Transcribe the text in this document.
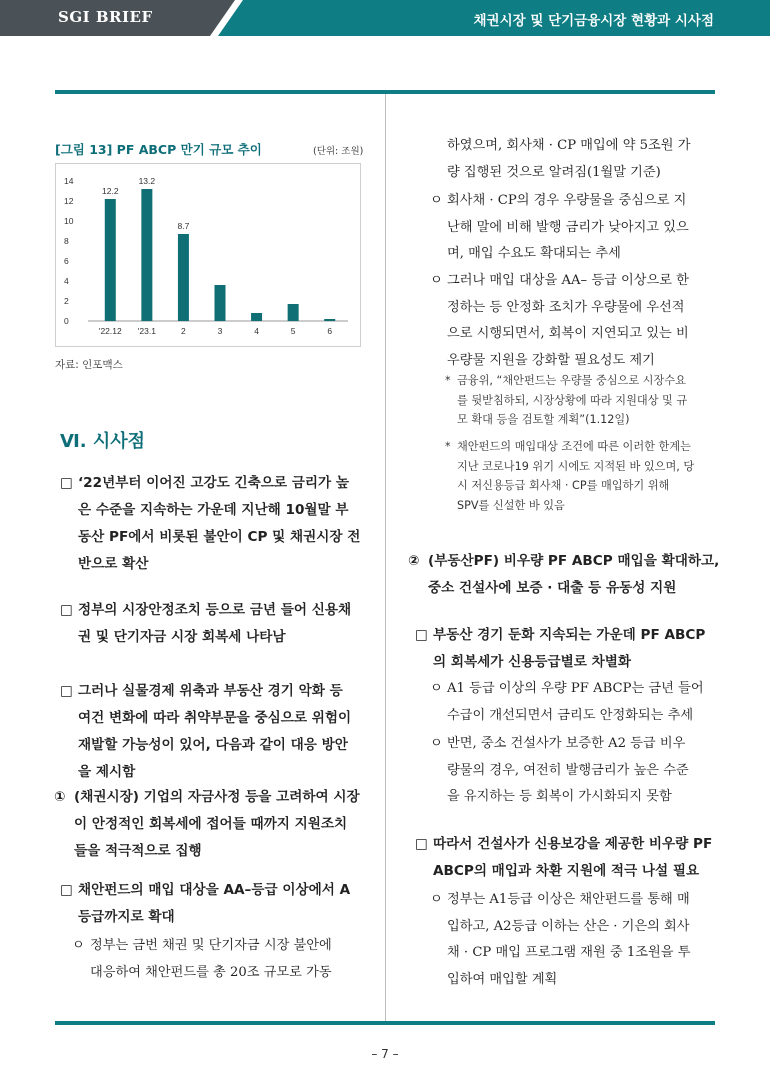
SGI BRIEF	채권시장 및 단기금융시장 현황과 시사점
[그림 13] PF ABCP 만기 규모 추이	(단위: 조원)
0
2
4
6
8
10
12
14
12.2
'22.12
13.2
'23.1
8.7
2	3	4	5	6
자료: 인포맥스
Ⅵ. 시사점
□ ‘22년부터 이어진 고강도 긴축으로 금리가 높
은 수준을 지속하는 가운데 지난해 10월말 부
동산 PF에서 비롯된 불안이 CP 및 채권시장 전
반으로 확산
□ 정부의 시장안정조치 등으로 금년 들어 신용채
권 및 단기자금 시장 회복세 나타남
□ 그러나 실물경제 위축과 부동산 경기 악화 등
여건 변화에 따라 취약부문을 중심으로 위험이
재발할 가능성이 있어, 다음과 같이 대응 방안
을 제시함
① (채권시장) 기업의 자금사정 등을 고려하여 시장
이 안정적인 회복세에 접어들 때까지 지원조치
들을 적극적으로 집행
□ 채안펀드의 매입 대상을 AA–등급 이상에서 A
등급까지로 확대
ㅇ 정부는 금번 채권 및 단기자금 시장 불안에
대응하여 채안펀드를 총 20조 규모로 가동
하였으며, 회사채 · CP 매입에 약 5조원 가
량 집행된 것으로 알려짐(1월말 기준)
ㅇ 회사채 · CP의 경우 우량물을 중심으로 지
난해 말에 비해 발행 금리가 낮아지고 있으
며, 매입 수요도 확대되는 추세
ㅇ 그러나 매입 대상을 AA– 등급 이상으로 한
정하는 등 안정화 조치가 우량물에 우선적
으로 시행되면서, 회복이 지연되고 있는 비
우량물 지원을 강화할 필요성도 제기
* 금융위, “채안펀드는 우량물 중심으로 시장수요
를 뒷받침하되, 시장상황에 따라 지원대상 및 규
모 확대 등을 검토할 계획”(1.12일)
* 채안펀드의 매입대상 조건에 따른 이러한 한계는
지난 코로나19 위기 시에도 지적된 바 있으며, 당
시 저신용등급 회사채 · CP를 매입하기 위해
SPV를 신설한 바 있음
② (부동산PF) 비우량 PF ABCP 매입을 확대하고,
중소 건설사에 보증 · 대출 등 유동성 지원
□ 부동산 경기 둔화 지속되는 가운데 PF ABCP
의 회복세가 신용등급별로 차별화
ㅇ A1 등급 이상의 우량 PF ABCP는 금년 들어
수급이 개선되면서 금리도 안정화되는 추세
ㅇ 반면, 중소 건설사가 보증한 A2 등급 비우
량물의 경우, 여전히 발행금리가 높은 수준
을 유지하는 등 회복이 가시화되지 못함
□ 따라서 건설사가 신용보강을 제공한 비우량 PF
ABCP의 매입과 차환 지원에 적극 나설 필요
ㅇ 정부는 A1등급 이상은 채안펀드를 통해 매
입하고, A2등급 이하는 산은 · 기은의 회사
채 · CP 매입 프로그램 재원 중 1조원을 투
입하여 매입할 계획
– 7 –
